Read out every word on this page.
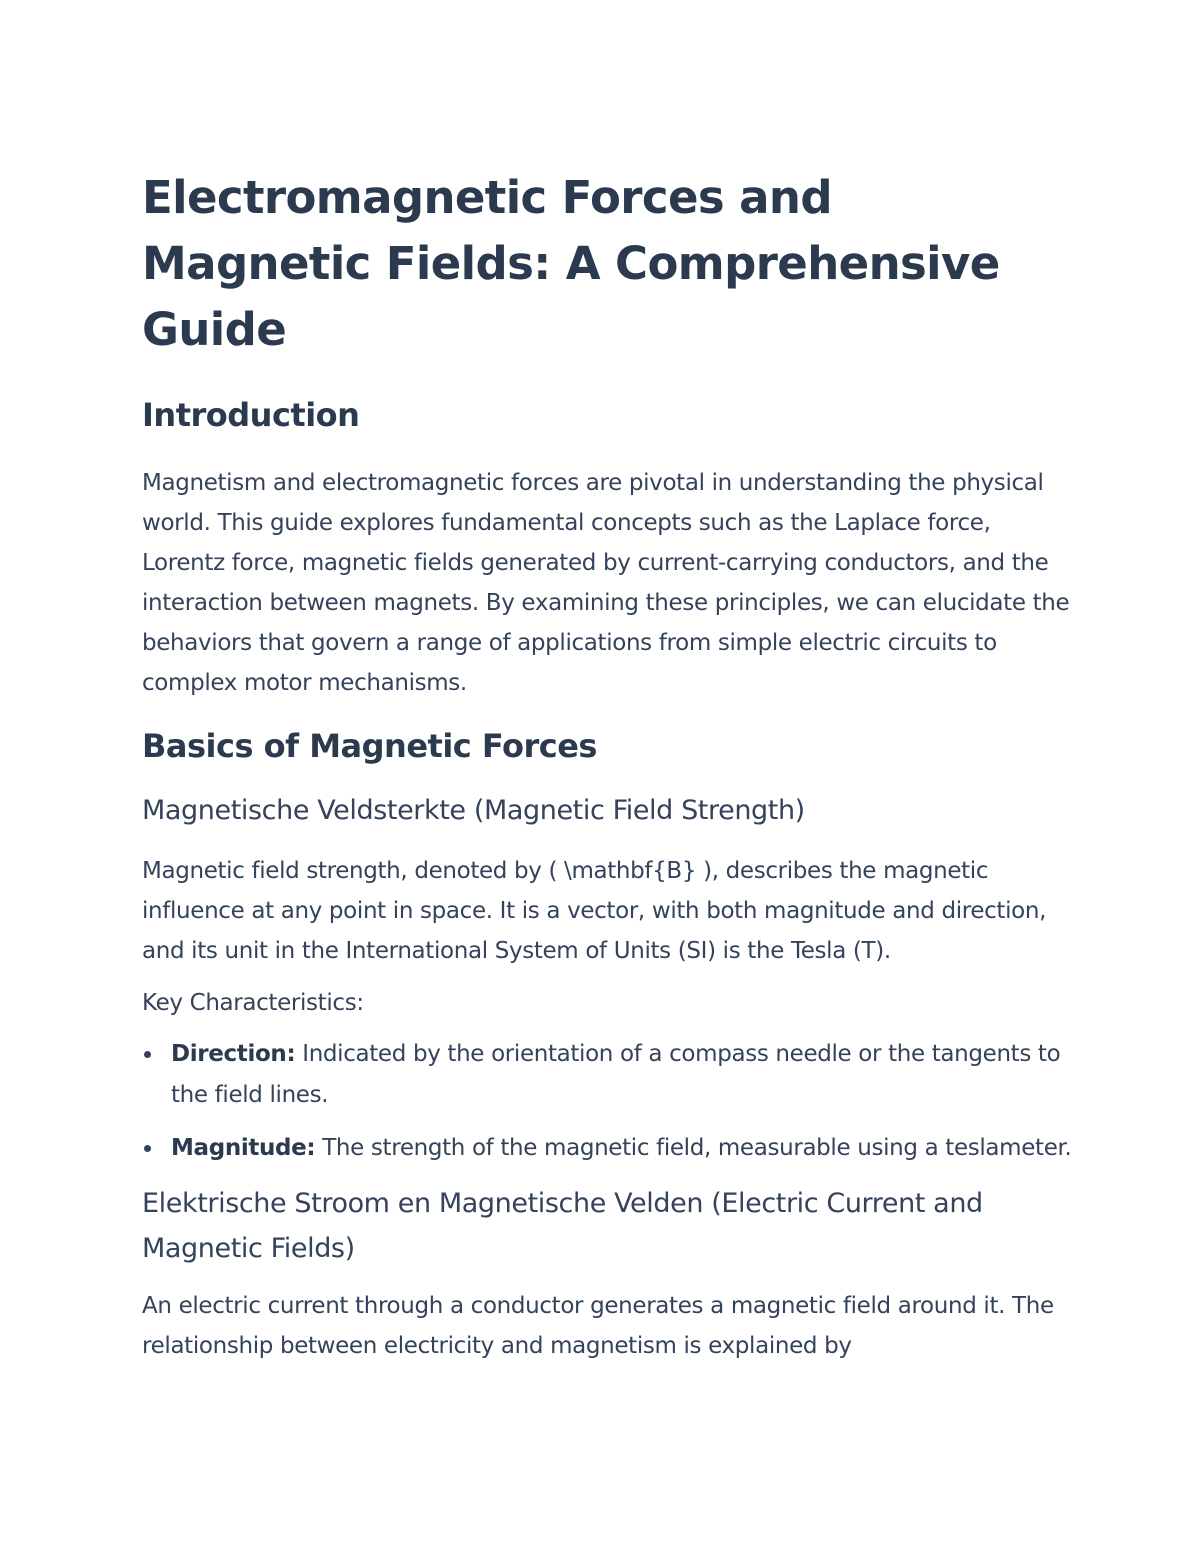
Electromagnetic Forces and Magnetic Fields: A Comprehensive Guide
Introduction

Magnetism and electromagnetic forces are pivotal in understanding the physical world. This guide explores fundamental concepts such as the Laplace force, Lorentz force, magnetic fields generated by current-carrying conductors, and the interaction between magnets. By examining these principles, we can elucidate the behaviors that govern a range of applications from simple electric circuits to complex motor mechanisms.

Basics of Magnetic Forces
Magnetische Veldsterkte (Magnetic Field Strength)

Magnetic field strength, denoted by ( \mathbf{B} ), describes the magnetic influence at any point in space. It is a vector, with both magnitude and direction, and its unit in the International System of Units (SI) is the Tesla (T).

Key Characteristics:

Direction: Indicated by the orientation of a compass needle or the tangents to the field lines.
Magnitude: The strength of the magnetic field, measurable using a teslameter.
Elektrische Stroom en Magnetische Velden (Electric Current and Magnetic Fields)

An electric current through a conductor generates a magnetic field around it. The relationship between electricity and magnetism is explained by
